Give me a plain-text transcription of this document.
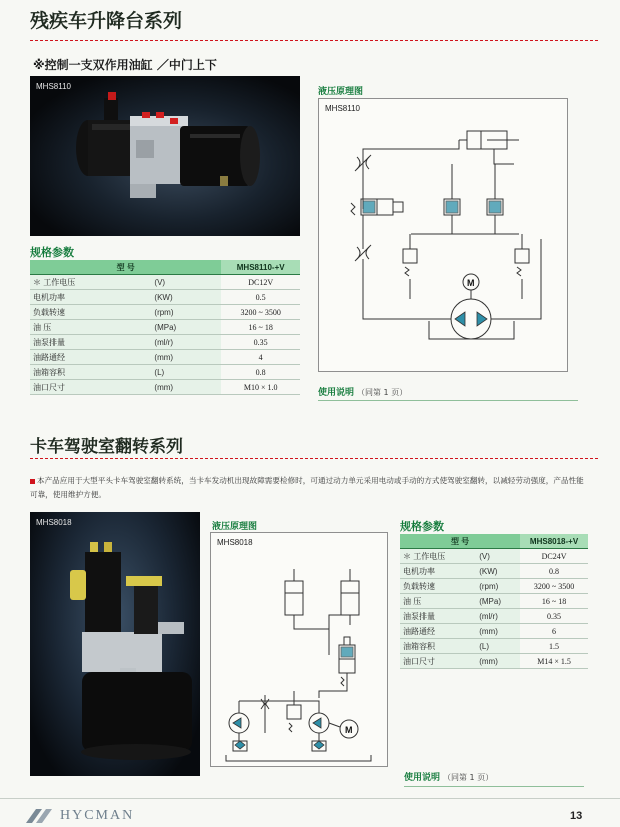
残疾车升降台系列
※控制一支双作用油缸 ／中门上下
MHS8110
规格参数
型 号		MHS8110-+V
＊ 工作电压	(V)	DC12V
电机功率	(KW)	0.5
负载转速	(rpm)	3200 ~ 3500
油 压	(MPa)	16 ~ 18
油泵排量	(ml/r)	0.35
油路通经	(mm)	4
油箱容积	(L)	0.8
油口尺寸	(mm)	M10 × 1.0
液压原理图
MHS8110
M
使用说明 （同第 1 页）
卡车驾驶室翻转系列
本产品应用于大型平头卡车驾驶室翻转系统，当卡车发动机出现故障需要检修时，可通过动力单元采用电动或手动的方式使驾驶室翻转，以减轻劳动强度，产品性能可靠，使用维护方便。
MHS8018	液压原理图
MHS8018
M
规格参数
型 号		MHS8018-+V
＊ 工作电压	(V)	DC24V
电机功率	(KW)	0.8
负载转速	(rpm)	3200 ~ 3500
油 压	(MPa)	16 ~ 18
油泵排量	(ml/r)	0.35
油路通经	(mm)	6
油箱容积	(L)	1.5
油口尺寸	(mm)	M14 × 1.5
使用说明 （同第 1 页）
HYCMAN	13
